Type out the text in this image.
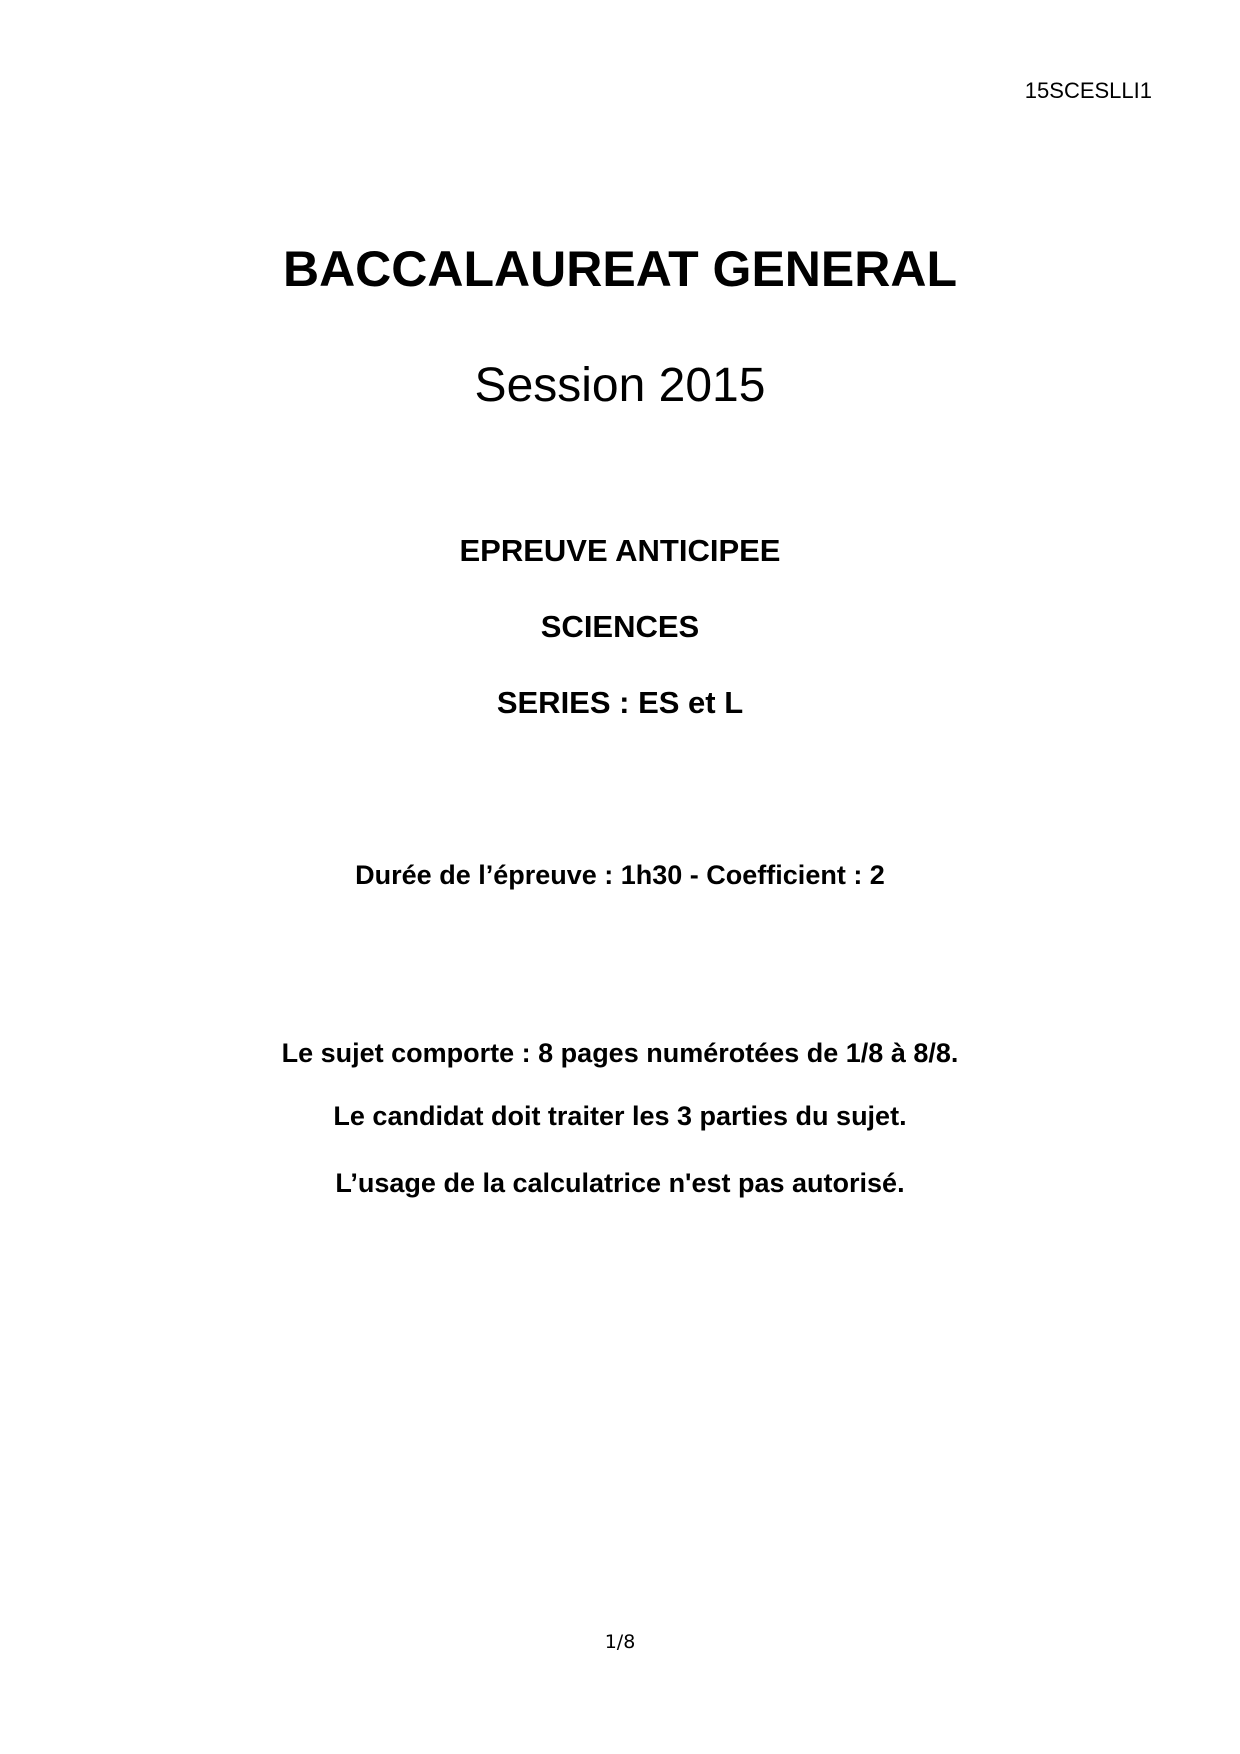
15SCESLLI1
BACCALAUREAT GENERAL
Session 2015
EPREUVE ANTICIPEE
SCIENCES
SERIES : ES et L
Durée de l’épreuve : 1h30 - Coefficient : 2
Le sujet comporte : 8 pages numérotées de 1/8 à 8/8.
Le candidat doit traiter les 3 parties du sujet.
L’usage de la calculatrice n'est pas autorisé.
1/8
